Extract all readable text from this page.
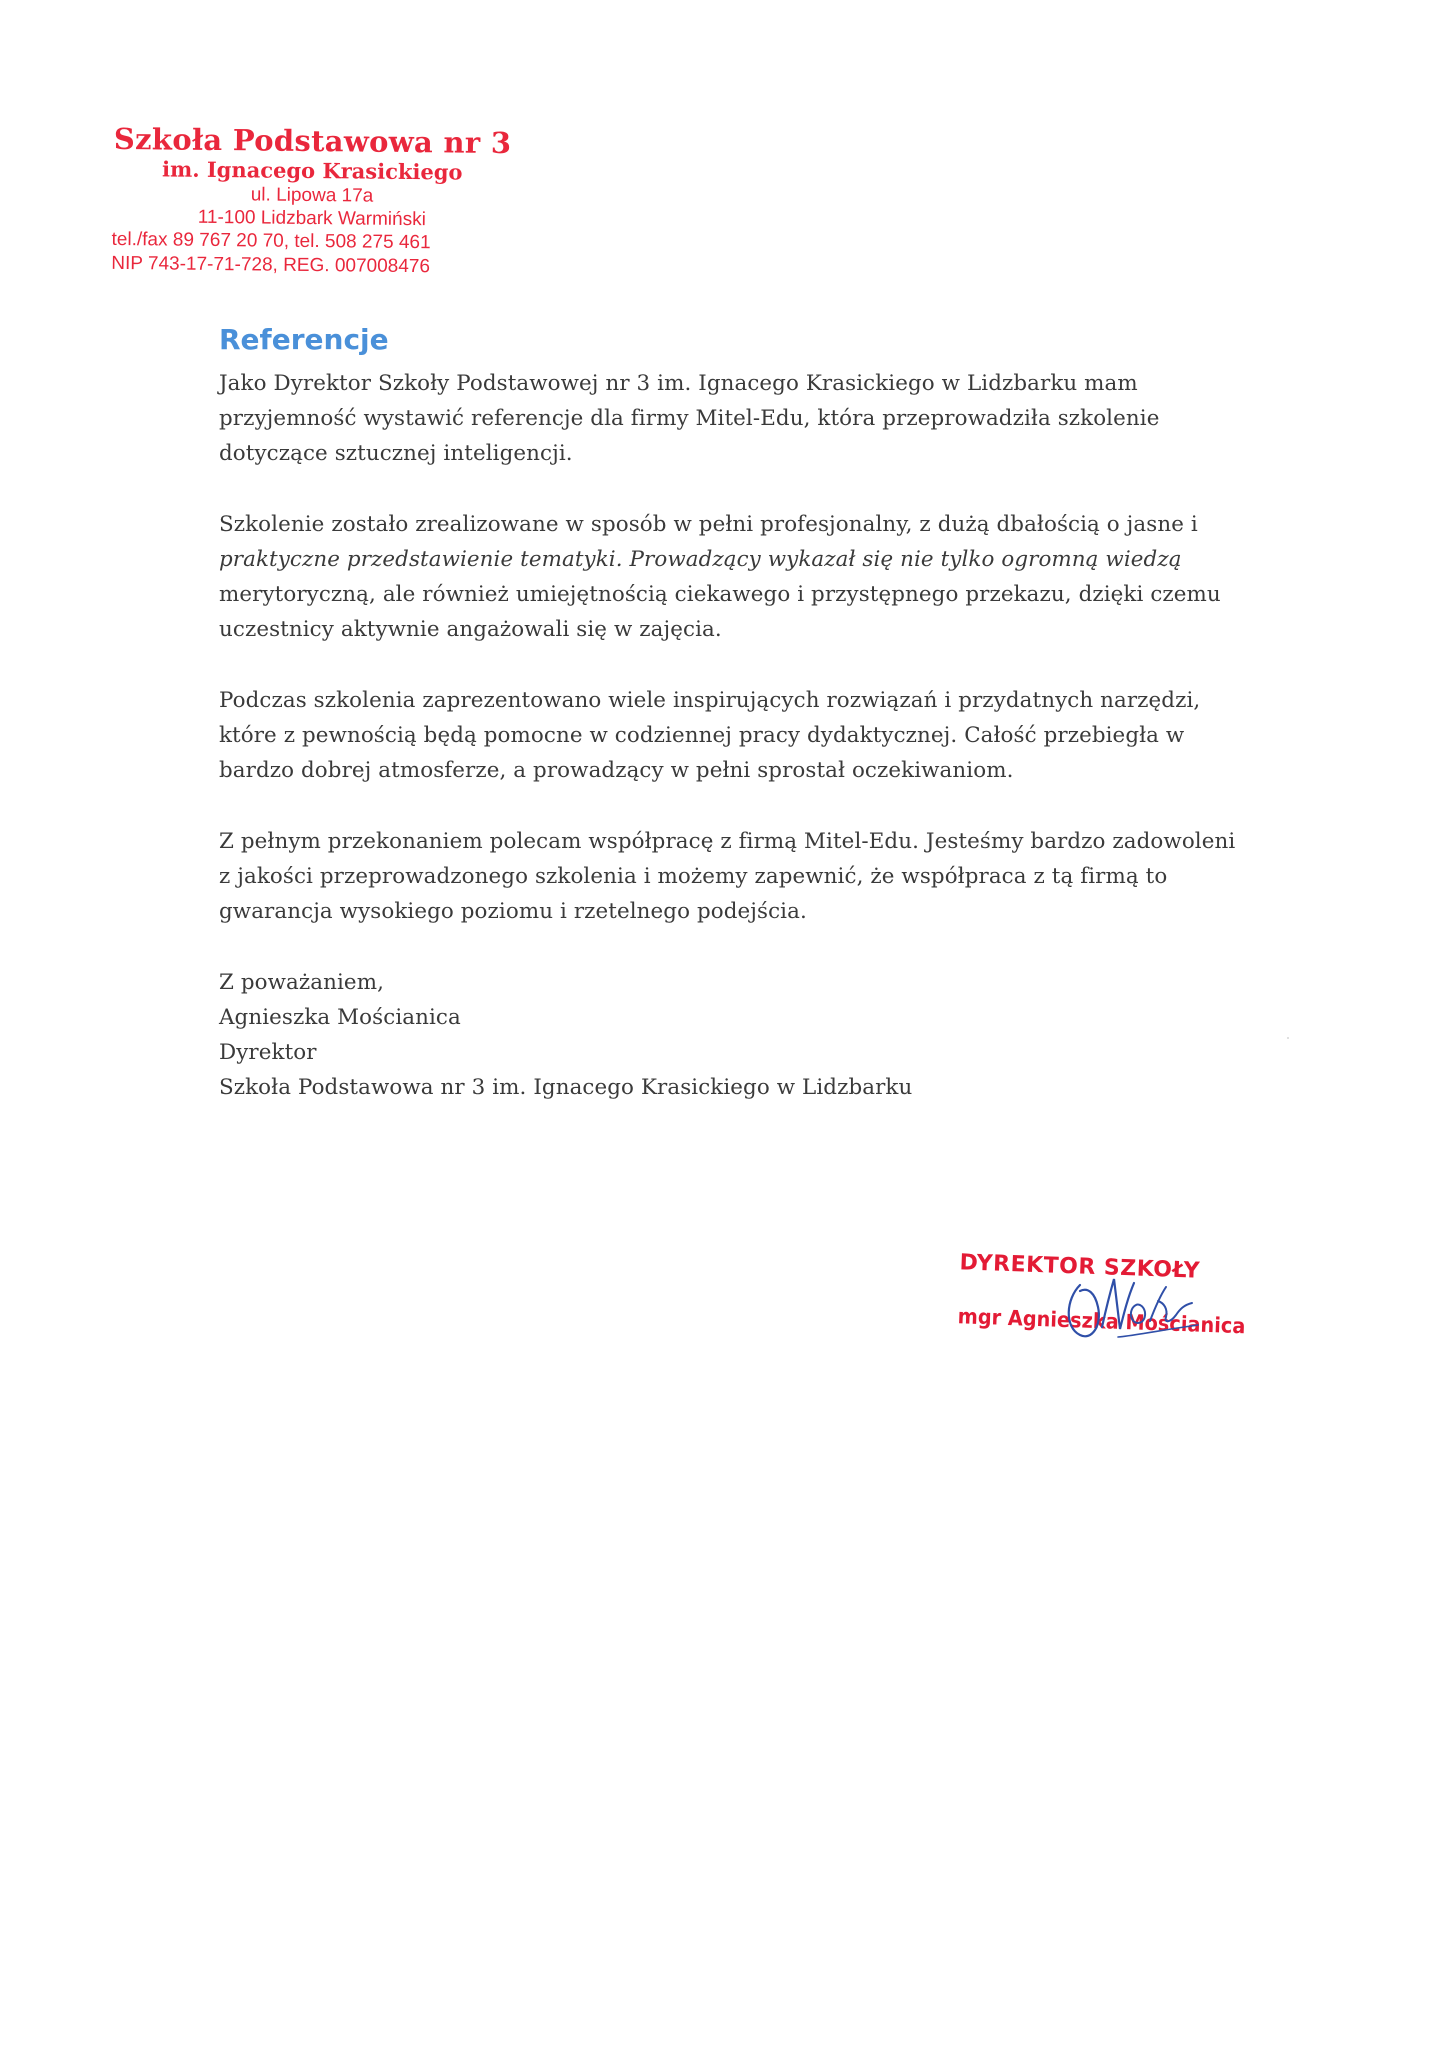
Szkoła Podstawowa nr 3
im. Ignacego Krasickiego
ul. Lipowa 17a
11-100 Lidzbark Warmiński
tel./fax 89 767 20 70, tel. 508 275 461
NIP 743-17-71-728, REG. 007008476
Referencje

Jako Dyrektor Szkoły Podstawowej nr 3 im. Ignacego Krasickiego w Lidzbarku mam przyjemność wystawić referencje dla firmy Mitel-Edu, która przeprowadziła szkolenie dotyczące sztucznej inteligencji.

Szkolenie zostało zrealizowane w sposób w pełni profesjonalny, z dużą dbałością o jasne i praktyczne przedstawienie tematyki. Prowadzący wykazał się nie tylko ogromną wiedzą merytoryczną, ale również umiejętnością ciekawego i przystępnego przekazu, dzięki czemu uczestnicy aktywnie angażowali się w zajęcia.

Podczas szkolenia zaprezentowano wiele inspirujących rozwiązań i przydatnych narzędzi, które z pewnością będą pomocne w codziennej pracy dydaktycznej. Całość przebiegła w bardzo dobrej atmosferze, a prowadzący w pełni sprostał oczekiwaniom.

Z pełnym przekonaniem polecam współpracę z firmą Mitel-Edu. Jesteśmy bardzo zadowoleni z jakości przeprowadzonego szkolenia i możemy zapewnić, że współpraca z tą firmą to gwarancja wysokiego poziomu i rzetelnego podejścia.

Z poważaniem,
Agnieszka Mościanica
Dyrektor
Szkoła Podstawowa nr 3 im. Ignacego Krasickiego w Lidzbarku

DYREKTOR SZKOŁY
mgr Agnieszka Mościanica
